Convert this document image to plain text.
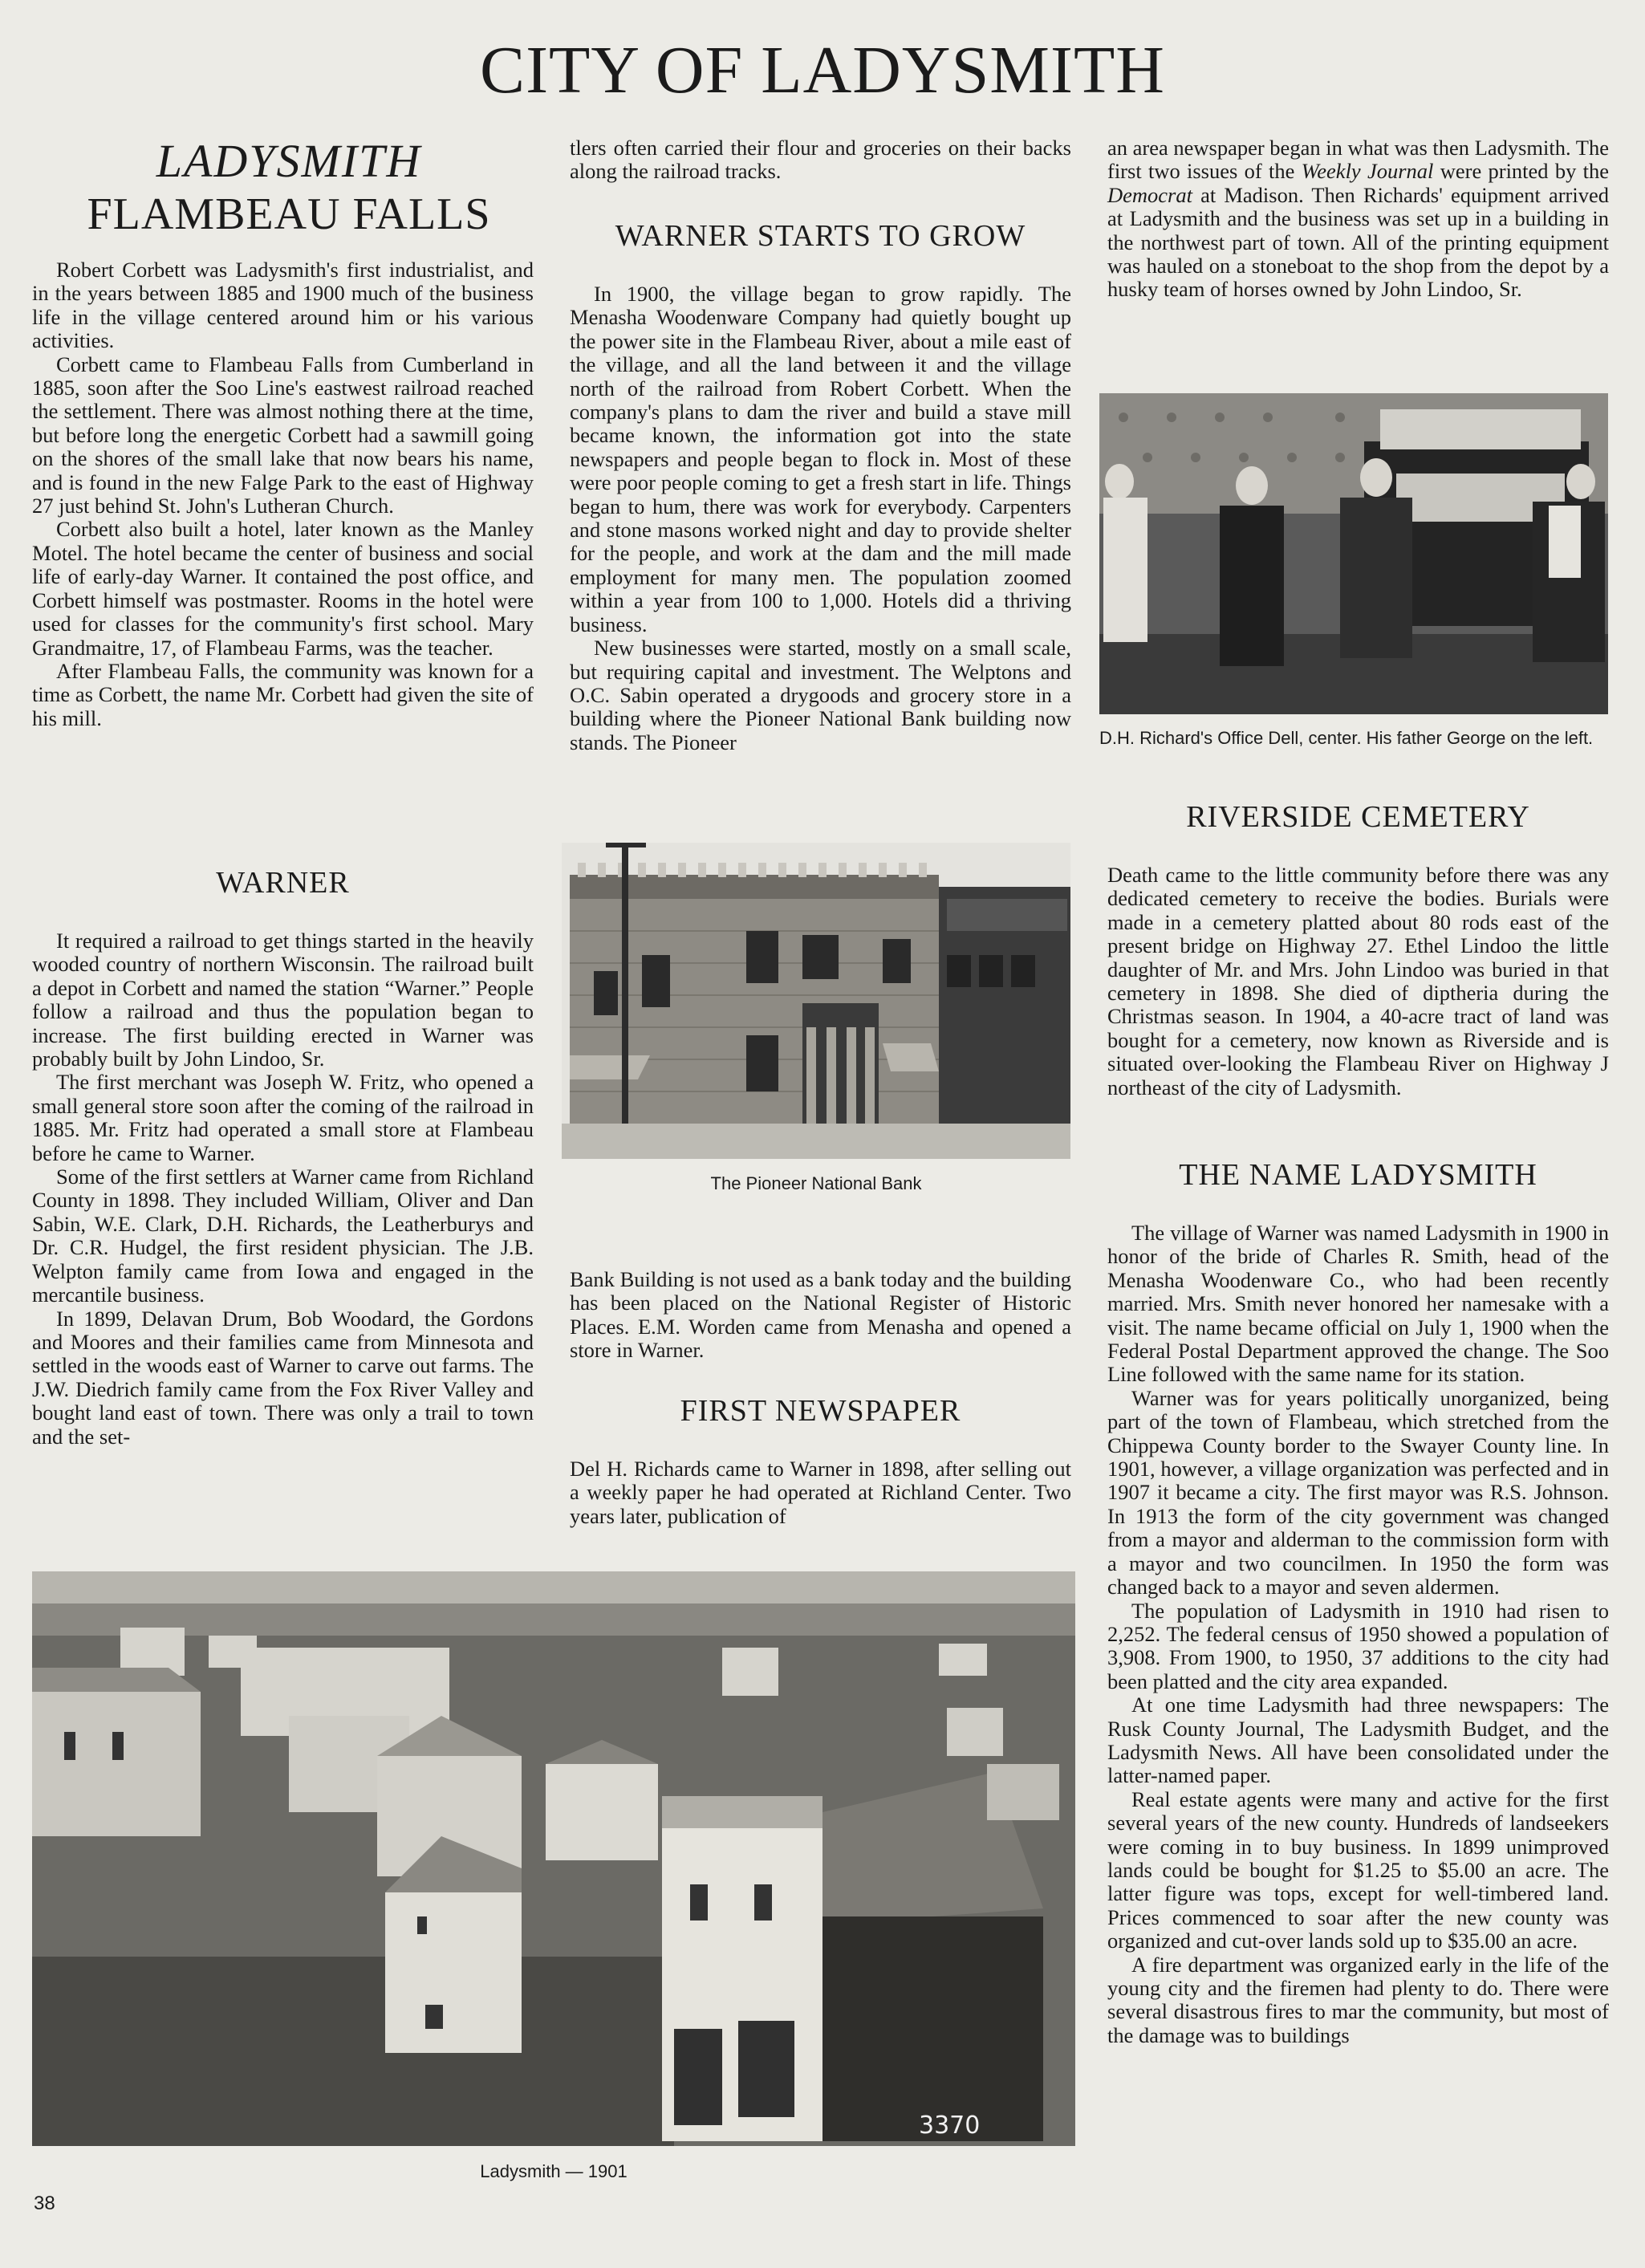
CITY OF LADYSMITH
LADYSMITH
FLAMBEAU FALLS

Robert Corbett was Ladysmith's first industrialist, and in the years between 1885 and 1900 much of the business life in the village centered around him or his various activities.

Corbett came to Flambeau Falls from Cumberland in 1885, soon after the Soo Line's eastwest railroad reached the settlement. There was almost nothing there at the time, but before long the energetic Corbett had a sawmill going on the shores of the small lake that now bears his name, and is found in the new Falge Park to the east of Highway 27 just behind St. John's Lutheran Church.

Corbett also built a hotel, later known as the Manley Motel. The hotel became the center of business and social life of early-day Warner. It contained the post office, and Corbett himself was postmaster. Rooms in the hotel were used for classes for the community's first school. Mary Grandmaitre, 17, of Flambeau Farms, was the teacher.

After Flambeau Falls, the community was known for a time as Corbett, the name Mr. Corbett had given the site of his mill.

WARNER

It required a railroad to get things started in the heavily wooded country of northern Wisconsin. The railroad built a depot in Corbett and named the station “Warner.” People follow a railroad and thus the population began to increase. The first building erected in Warner was probably built by John Lindoo, Sr.

The first merchant was Joseph W. Fritz, who opened a small general store soon after the coming of the railroad in 1885. Mr. Fritz had operated a small store at Flambeau before he came to Warner.

Some of the first settlers at Warner came from Richland County in 1898. They included William, Oliver and Dan Sabin, W.E. Clark, D.H. Richards, the Leatherburys and Dr. C.R. Hudgel, the first resident physician. The J.B. Welpton family came from Iowa and engaged in the mercantile business.

In 1899, Delavan Drum, Bob Woodard, the Gordons and Moores and their families came from Minnesota and settled in the woods east of Warner to carve out farms. The J.W. Diedrich family came from the Fox River Valley and bought land east of town. There was only a trail to town and the set-

tlers often carried their flour and groceries on their backs along the railroad tracks.

WARNER STARTS TO GROW

In 1900, the village began to grow rapidly. The Menasha Woodenware Company had quietly bought up the power site in the Flambeau River, about a mile east of the village, and all the land between it and the village north of the railroad from Robert Corbett. When the company's plans to dam the river and build a stave mill became known, the information got into the state newspapers and people began to flock in. Most of these were poor people coming to get a fresh start in life. Things began to hum, there was work for everybody. Carpenters and stone masons worked night and day to provide shelter for the people, and work at the dam and the mill made employment for many men. The population zoomed within a year from 100 to 1,000. Hotels did a thriving business.

New businesses were started, mostly on a small scale, but requiring capital and investment. The Welptons and O.C. Sabin operated a drygoods and grocery store in a building where the Pioneer National Bank building now stands. The Pioneer

The Pioneer National Bank

Bank Building is not used as a bank today and the building has been placed on the National Register of Historic Places. E.M. Worden came from Menasha and opened a store in Warner.

FIRST NEWSPAPER

Del H. Richards came to Warner in 1898, after selling out a weekly paper he had operated at Richland Center. Two years later, publication of

an area newspaper began in what was then Ladysmith. The first two issues of the Weekly Journal were printed by the Democrat at Madison. Then Richards' equipment arrived at Ladysmith and the business was set up in a building in the northwest part of town. All of the printing equipment was hauled on a stoneboat to the shop from the depot by a husky team of horses owned by John Lindoo, Sr.

D.H. Richard's Office Dell, center. His father George on the left.
RIVERSIDE CEMETERY

Death came to the little community before there was any dedicated cemetery to receive the bodies. Burials were made in a cemetery platted about 80 rods east of the present bridge on Highway 27. Ethel Lindoo the little daughter of Mr. and Mrs. John Lindoo was buried in that cemetery in 1898. She died of diptheria during the Christmas season. In 1904, a 40-acre tract of land was bought for a cemetery, now known as Riverside and is situated over-looking the Flambeau River on Highway J northeast of the city of Ladysmith.

THE NAME LADYSMITH

The village of Warner was named Ladysmith in 1900 in honor of the bride of Charles R. Smith, head of the Menasha Woodenware Co., who had been recently married. Mrs. Smith never honored her namesake with a visit. The name became official on July 1, 1900 when the Federal Postal Department approved the change. The Soo Line followed with the same name for its station.

Warner was for years politically unorganized, being part of the town of Flambeau, which stretched from the Chippewa County border to the Swayer County line. In 1901, however, a village organization was perfected and in 1907 it became a city. The first mayor was R.S. Johnson. In 1913 the form of the city government was changed from a mayor and alderman to the commission form with a mayor and two councilmen. In 1950 the form was changed back to a mayor and seven aldermen.

The population of Ladysmith in 1910 had risen to 2,252. The federal census of 1950 showed a population of 3,908. From 1900, to 1950, 37 additions to the city had been platted and the city area expanded.

At one time Ladysmith had three newspapers: The Rusk County Journal, The Ladysmith Budget, and the Ladysmith News. All have been consolidated under the latter-named paper.

Real estate agents were many and active for the first several years of the new county. Hundreds of landseekers were coming in to buy business. In 1899 unimproved lands could be bought for $1.25 to $5.00 an acre. The latter figure was tops, except for well-timbered land. Prices commenced to soar after the new county was organized and cut-over lands sold up to $35.00 an acre.

A fire department was organized early in the life of the young city and the firemen had plenty to do. There were several disastrous fires to mar the community, but most of the damage was to buildings

3370
Ladysmith — 1901
38
